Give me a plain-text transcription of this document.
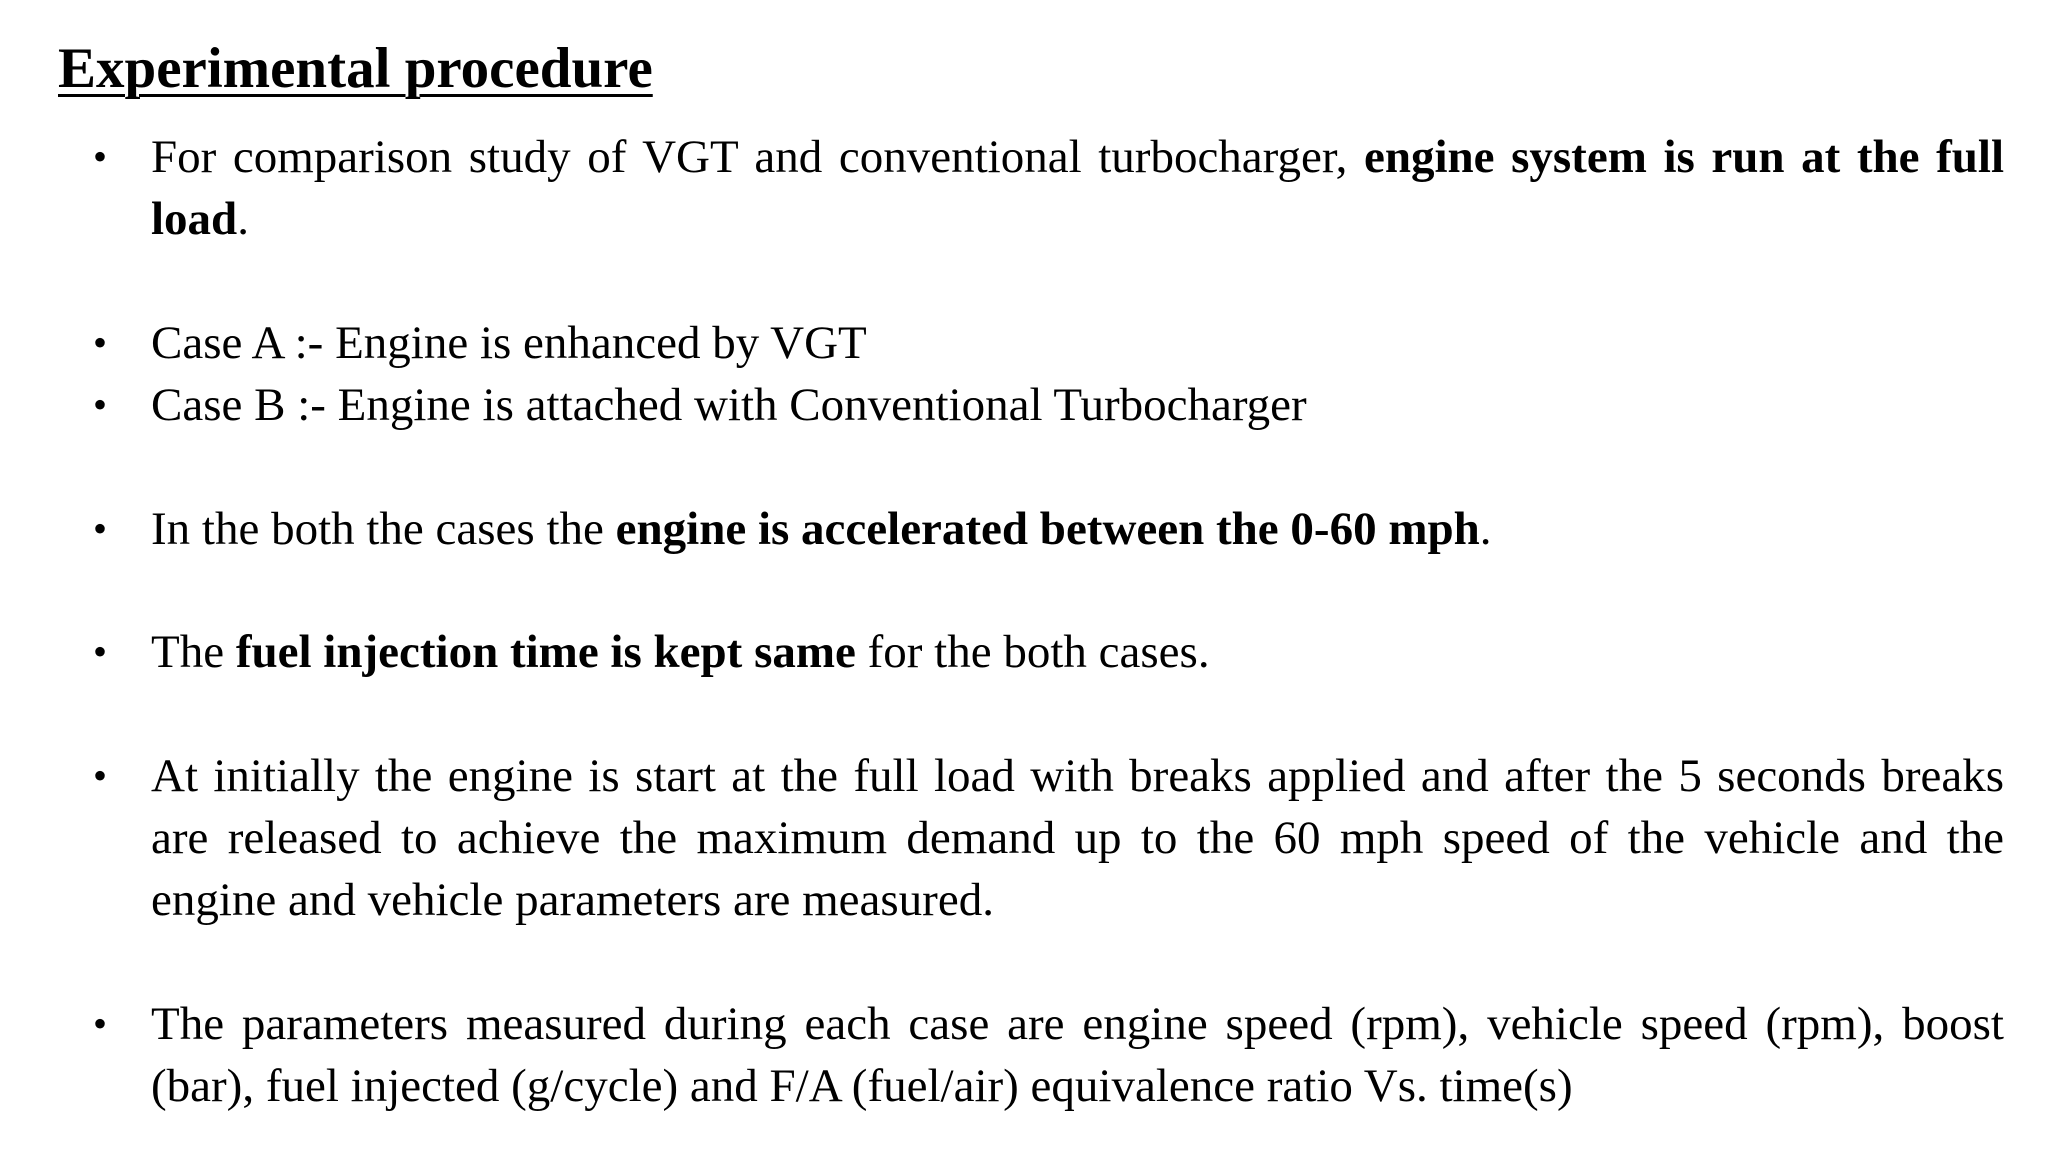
Experimental procedure
• For comparison study of VGT and conventional turbocharger, engine system is run at the full load.
• Case A :- Engine is enhanced by VGT
• Case B :- Engine is attached with Conventional Turbocharger
• In the both the cases the engine is accelerated between the 0-60 mph.
• The fuel injection time is kept same for the both cases.
• At initially the engine is start at the full load with breaks applied and after the 5 seconds breaks are released to achieve the maximum demand up to the 60 mph speed of the vehicle and the engine and vehicle parameters are measured.
• The parameters measured during each case are engine speed (rpm), vehicle speed (rpm), boost (bar), fuel injected (g/cycle) and F/A (fuel/air) equivalence ratio Vs. time(s)
